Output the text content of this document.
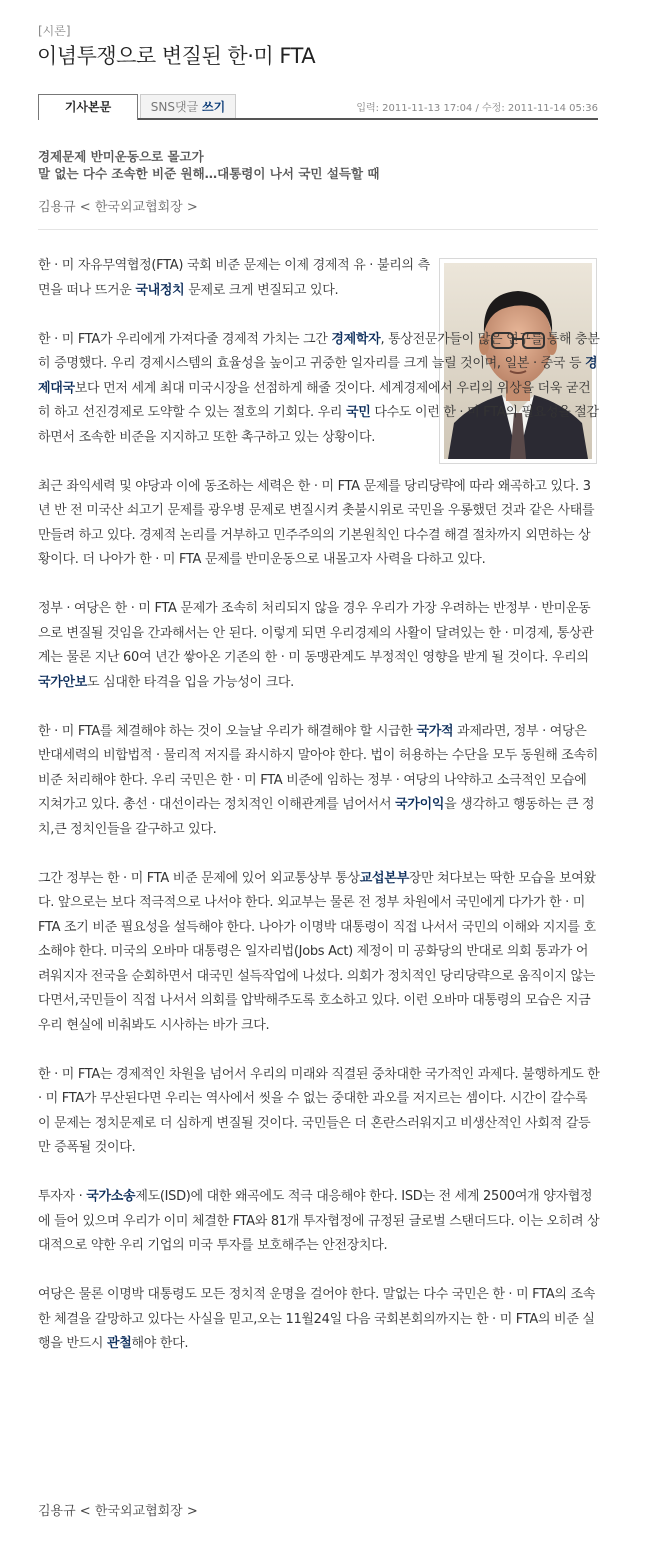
[시론]
이념투쟁으로 변질된 한·미 FTA
기사본문	SNS댓글 쓰기	입력: 2011-11-13 17:04 / 수정: 2011-11-14 05:36
경제문제 반미운동으로 몰고가
말 없는 다수 조속한 비준 원해…대통령이 나서 국민 설득할 때
김용규 < 한국외교협회장 >

한 · 미 자유무역협정(FTA) 국회 비준 문제는 이제 경제적 유 · 불리의 측면을 떠나 뜨거운 국내정치 문제로 크게 변질되고 있다.

한 · 미 FTA가 우리에게 가져다줄 경제적 가치는 그간 경제학자, 통상전문가들이 많은 연구를 통해 충분히 증명했다. 우리 경제시스템의 효율성을 높이고 귀중한 일자리를 크게 늘릴 것이며, 일본 · 중국 등 경제대국보다 먼저 세계 최대 미국시장을 선점하게 해줄 것이다. 세계경제에서 우리의 위상을 더욱 굳건히 하고 선진경제로 도약할 수 있는 절호의 기회다. 우리 국민 다수도 이런 한 · 미 FTA의 필요성을 절감하면서 조속한 비준을 지지하고 또한 촉구하고 있는 상황이다.

최근 좌익세력 및 야당과 이에 동조하는 세력은 한 · 미 FTA 문제를 당리당략에 따라 왜곡하고 있다. 3년 반 전 미국산 쇠고기 문제를 광우병 문제로 변질시켜 촛불시위로 국민을 우롱했던 것과 같은 사태를 만들려 하고 있다. 경제적 논리를 거부하고 민주주의의 기본원칙인 다수결 해결 절차까지 외면하는 상황이다. 더 나아가 한 · 미 FTA 문제를 반미운동으로 내몰고자 사력을 다하고 있다.

정부 · 여당은 한 · 미 FTA 문제가 조속히 처리되지 않을 경우 우리가 가장 우려하는 반정부 · 반미운동으로 변질될 것임을 간과해서는 안 된다. 이렇게 되면 우리경제의 사활이 달려있는 한 · 미경제, 통상관계는 물론 지난 60여 년간 쌓아온 기존의 한 · 미 동맹관계도 부정적인 영향을 받게 될 것이다. 우리의 국가안보도 심대한 타격을 입을 가능성이 크다.

한 · 미 FTA를 체결해야 하는 것이 오늘날 우리가 해결해야 할 시급한 국가적 과제라면, 정부 · 여당은 반대세력의 비합법적 · 물리적 저지를 좌시하지 말아야 한다. 법이 허용하는 수단을 모두 동원해 조속히 비준 처리해야 한다. 우리 국민은 한 · 미 FTA 비준에 임하는 정부 · 여당의 나약하고 소극적인 모습에 지쳐가고 있다. 총선 · 대선이라는 정치적인 이해관계를 넘어서서 국가이익을 생각하고 행동하는 큰 정치,큰 정치인들을 갈구하고 있다.

그간 정부는 한 · 미 FTA 비준 문제에 있어 외교통상부 통상교섭본부장만 쳐다보는 딱한 모습을 보여왔다. 앞으로는 보다 적극적으로 나서야 한다. 외교부는 물론 전 정부 차원에서 국민에게 다가가 한 · 미 FTA 조기 비준 필요성을 설득해야 한다. 나아가 이명박 대통령이 직접 나서서 국민의 이해와 지지를 호소해야 한다. 미국의 오바마 대통령은 일자리법(Jobs Act) 제정이 미 공화당의 반대로 의회 통과가 어려워지자 전국을 순회하면서 대국민 설득작업에 나섰다. 의회가 정치적인 당리당략으로 움직이지 않는다면서,국민들이 직접 나서서 의회를 압박해주도록 호소하고 있다. 이런 오바마 대통령의 모습은 지금 우리 현실에 비춰봐도 시사하는 바가 크다.

한 · 미 FTA는 경제적인 차원을 넘어서 우리의 미래와 직결된 중차대한 국가적인 과제다. 불행하게도 한 · 미 FTA가 무산된다면 우리는 역사에서 씻을 수 없는 중대한 과오를 저지르는 셈이다. 시간이 갈수록 이 문제는 정치문제로 더 심하게 변질될 것이다. 국민들은 더 혼란스러워지고 비생산적인 사회적 갈등만 증폭될 것이다.

투자자 · 국가소송제도(ISD)에 대한 왜곡에도 적극 대응해야 한다. ISD는 전 세계 2500여개 양자협정에 들어 있으며 우리가 이미 체결한 FTA와 81개 투자협정에 규정된 글로벌 스탠더드다. 이는 오히려 상대적으로 약한 우리 기업의 미국 투자를 보호해주는 안전장치다.

여당은 물론 이명박 대통령도 모든 정치적 운명을 걸어야 한다. 말없는 다수 국민은 한 · 미 FTA의 조속한 체결을 갈망하고 있다는 사실을 믿고,오는 11월24일 다음 국회본회의까지는 한 · 미 FTA의 비준 실행을 반드시 관철해야 한다.

김용규 < 한국외교협회장 >
